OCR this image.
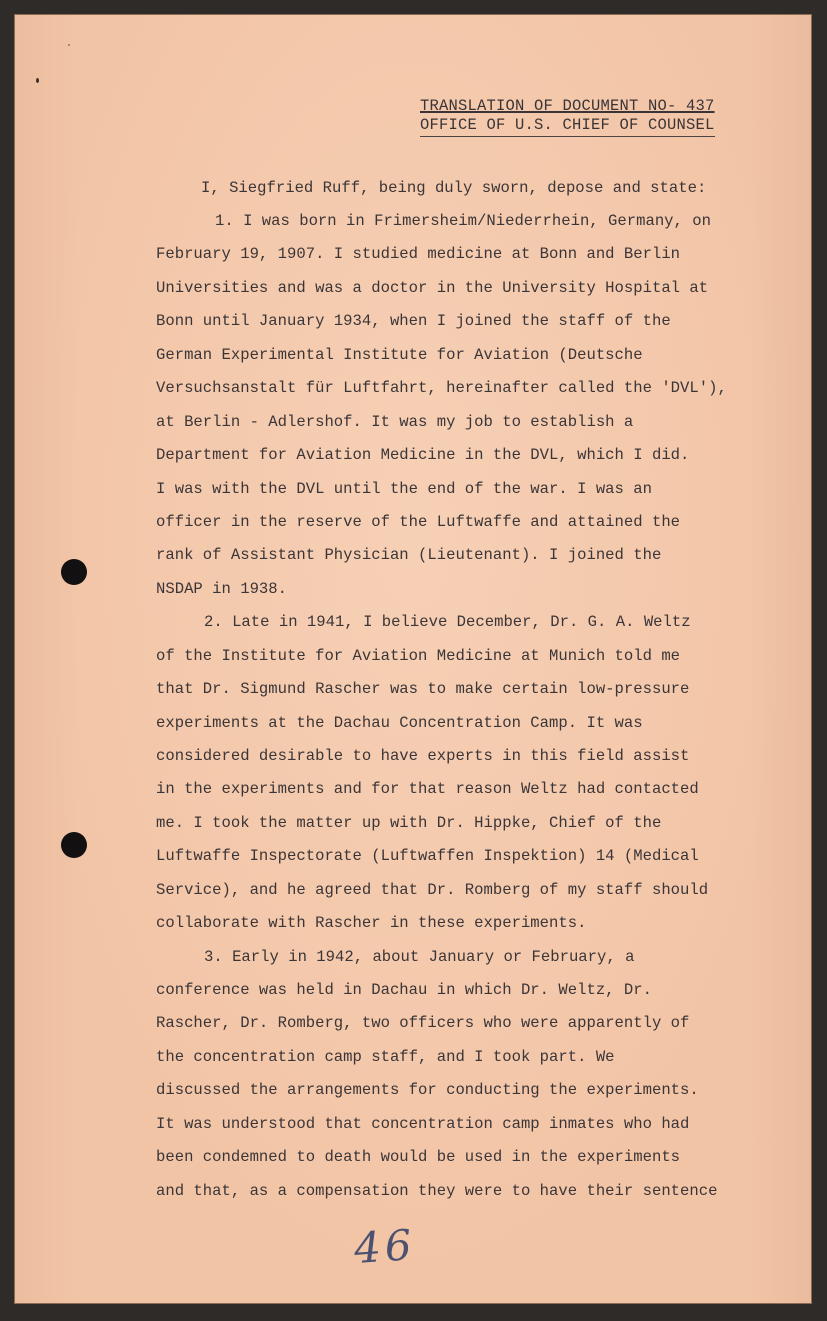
TRANSLATION OF DOCUMENT NO- 437
OFFICE OF U.S. CHIEF OF COUNSEL
I, Siegfried Ruff, being duly sworn, depose and state:
1. I was born in Frimersheim/Niederrhein, Germany, on
February 19, 1907. I studied medicine at Bonn and Berlin
Universities and was a doctor in the University Hospital at
Bonn until January 1934, when I joined the staff of the
German Experimental Institute for Aviation (Deutsche
Versuchsanstalt für Luftfahrt, hereinafter called the 'DVL'),
at Berlin - Adlershof. It was my job to establish a
Department for Aviation Medicine in the DVL, which I did.
I was with the DVL until the end of the war. I was an
officer in the reserve of the Luftwaffe and attained the
rank of Assistant Physician (Lieutenant). I joined the
NSDAP in 1938.
2. Late in 1941, I believe December, Dr. G. A. Weltz
of the Institute for Aviation Medicine at Munich told me
that Dr. Sigmund Rascher was to make certain low-pressure
experiments at the Dachau Concentration Camp. It was
considered desirable to have experts in this field assist
in the experiments and for that reason Weltz had contacted
me. I took the matter up with Dr. Hippke, Chief of the
Luftwaffe Inspectorate (Luftwaffen Inspektion) 14 (Medical
Service), and he agreed that Dr. Romberg of my staff should
collaborate with Rascher in these experiments.
3. Early in 1942, about January or February, a
conference was held in Dachau in which Dr. Weltz, Dr.
Rascher, Dr. Romberg, two officers who were apparently of
the concentration camp staff, and I took part. We
discussed the arrangements for conducting the experiments.
It was understood that concentration camp inmates who had
been condemned to death would be used in the experiments
and that, as a compensation they were to have their sentence
46
